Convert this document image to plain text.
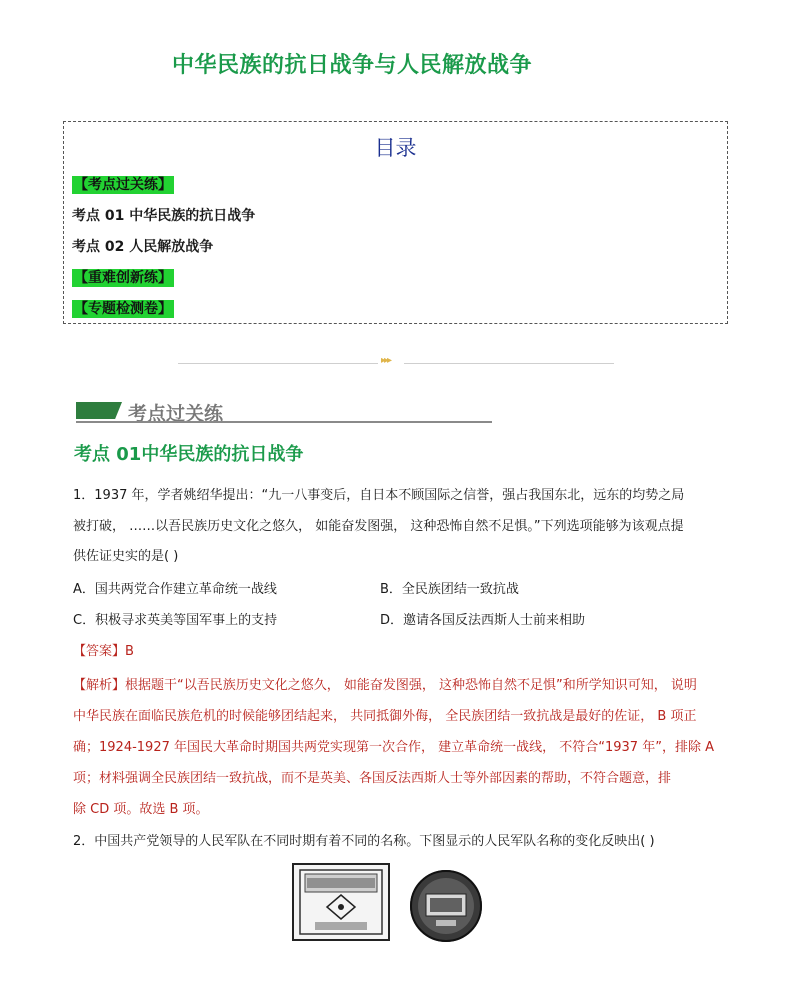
中华民族的抗日战争与人民解放战争
目录
【考点过关练】
考点 01 中华民族的抗日战争
考点 02 人民解放战争
【重难创新练】
【专题检测卷】
▸▸▸
考点过关练
考点 01中华民族的抗日战争
1．1937 年，学者姚绍华提出：“九一八事变后，自日本不顾国际之信誉，强占我国东北，远东的均势之局
被打破， ……以吾民族历史文化之悠久， 如能奋发图强， 这种恐怖自然不足惧。”下列选项能够为该观点提
供佐证史实的是( )
A．国共两党合作建立革命统一战线	B．全民族团结一致抗战
C．积极寻求英美等国军事上的支持	D．邀请各国反法西斯人士前来相助
【答案】B
【解析】根据题干“以吾民族历史文化之悠久， 如能奋发图强， 这种恐怖自然不足惧”和所学知识可知， 说明
中华民族在面临民族危机的时候能够团结起来， 共同抵御外侮， 全民族团结一致抗战是最好的佐证， B 项正
确；1924-1927 年国民大革命时期国共两党实现第一次合作， 建立革命统一战线， 不符合“1937 年”，排除 A
项；材料强调全民族团结一致抗战，而不是英美、各国反法西斯人士等外部因素的帮助，不符合题意，排
除 CD 项。故选 B 项。
2．中国共产党领导的人民军队在不同时期有着不同的名称。下图显示的人民军队名称的变化反映出( )
